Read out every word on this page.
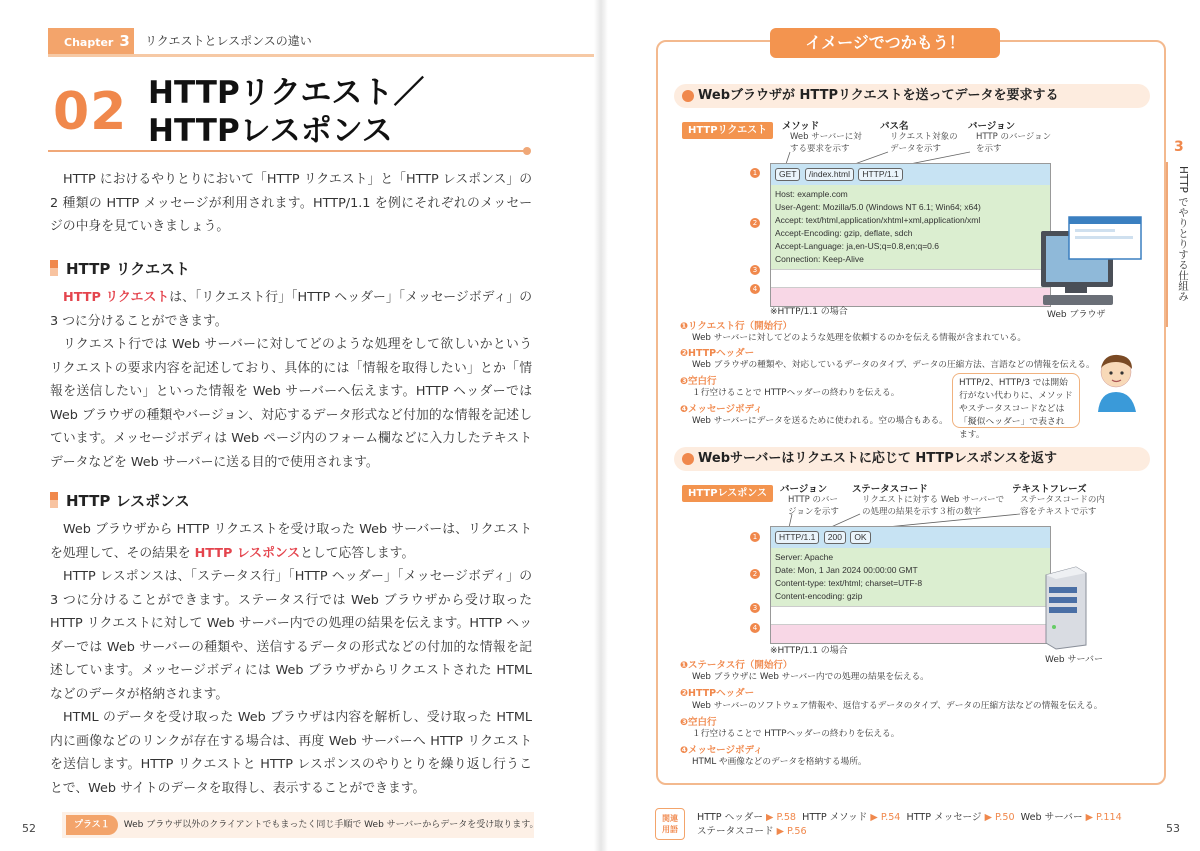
Chapter 3	リクエストとレスポンスの違い
02 HTTPリクエスト／
HTTPレスポンス

HTTP におけるやりとりにおいて「HTTP リクエスト」と「HTTP レスポンス」の2 種類の HTTP メッセージが利用されます。HTTP/1.1 を例にそれぞれのメッセージの中身を見ていきましょう。

HTTP リクエスト

HTTP リクエストは、「リクエスト行」「HTTP ヘッダー」「メッセージボディ」の3 つに分けることができます。

リクエスト行では Web サーバーに対してどのような処理をして欲しいかというリクエストの要求内容を記述しており、具体的には「情報を取得したい」とか「情報を送信したい」といった情報を Web サーバーへ伝えます。HTTP ヘッダーでは Web ブラウザの種類やバージョン、対応するデータ形式など付加的な情報を記述しています。メッセージボディは Web ページ内のフォーム欄などに入力したテキストデータなどを Web サーバーに送る目的で使用されます。

HTTP レスポンス

Web ブラウザから HTTP リクエストを受け取った Web サーバーは、リクエストを処理して、その結果を HTTP レスポンスとして応答します。

HTTP レスポンスは、「ステータス行」「HTTP ヘッダー」「メッセージボディ」の3 つに分けることができます。ステータス行では Web ブラウザから受け取ったHTTP リクエストに対して Web サーバー内での処理の結果を伝えます。HTTP ヘッダーでは Web サーバーの種類や、送信するデータの形式などの付加的な情報を記述しています。メッセージボディには Web ブラウザからリクエストされた HTML などのデータが格納されます。

HTML のデータを受け取った Web ブラウザは内容を解析し、受け取った HTML 内に画像などのリンクが存在する場合は、再度 Web サーバーへ HTTP リクエストを送信します。HTTP リクエストと HTTP レスポンスのやりとりを繰り返し行うことで、Web サイトのデータを取得し、表示することができます。

プラス１ Web ブラウザ以外のクライアントでもまったく同じ手順で Web サーバーからデータを受け取ります。
52
イメージでつかもう！
Webブラウザが HTTPリクエストを送ってデータを要求する
HTTPリクエスト	メソッド
Web サーバーに対
する要求を示す
パス名
リクエスト対象の
データを示す
バージョン
HTTP のバージョン
を示す
GET /index.html HTTP/1.1
Host: example.com
User-Agent: Mozilla/5.0 (Windows NT 6.1; Win64; x64)
Accept: text/html,application/xhtml+xml,application/xml
Accept-Encoding: gzip, deflate, sdch
Accept-Language: ja,en-US;q=0.8,en;q=0.6
Connection: Keep-Alive
1
2
3
4
※HTTP/1.1 の場合	Web ブラウザ
❶リクエスト行（開始行）
Web サーバーに対してどのような処理を依頼するのかを伝える情報が含まれている。
❷HTTPヘッダー
Web ブラウザの種類や、対応しているデータのタイプ、データの圧縮方法、言語などの情報を伝える。
❸空白行
１行空けることで HTTPヘッダーの終わりを伝える。
❹メッセージボディ
Web サーバーにデータを送るために使われる。空の場合もある。
HTTP/2、HTTP/3 では開始行がない代わりに、メソッドやステータスコードなどは「擬似ヘッダー」で表されます。
Webサーバーはリクエストに応じて HTTPレスポンスを返す
HTTPレスポンス	バージョン
HTTP のバー
ジョンを示す
ステータスコード
リクエストに対する Web サーバーで
の処理の結果を示す３桁の数字
テキストフレーズ
ステータスコードの内
容をテキストで示す
HTTP/1.1 200 OK
Server: Apache
Date: Mon, 1 Jan 2024 00:00:00 GMT
Content-type: text/html; charset=UTF-8
Content-encoding: gzip
1
2
3
4
※HTTP/1.1 の場合
Web サーバー
❶ステータス行（開始行）
Web ブラウザに Web サーバー内での処理の結果を伝える。
❷HTTPヘッダー
Web サーバーのソフトウェア情報や、返信するデータのタイプ、データの圧縮方法などの情報を伝える。
❸空白行
１行空けることで HTTPヘッダーの終わりを伝える。
❹メッセージボディ
HTML や画像などのデータを格納する場所。
3
HTTP でやりとりする仕組み
関連
用語
HTTP ヘッダー ▶ P.58 HTTP メソッド ▶ P.54 HTTP メッセージ ▶ P.50 Web サーバー ▶ P.114
ステータスコード ▶ P.56	53
